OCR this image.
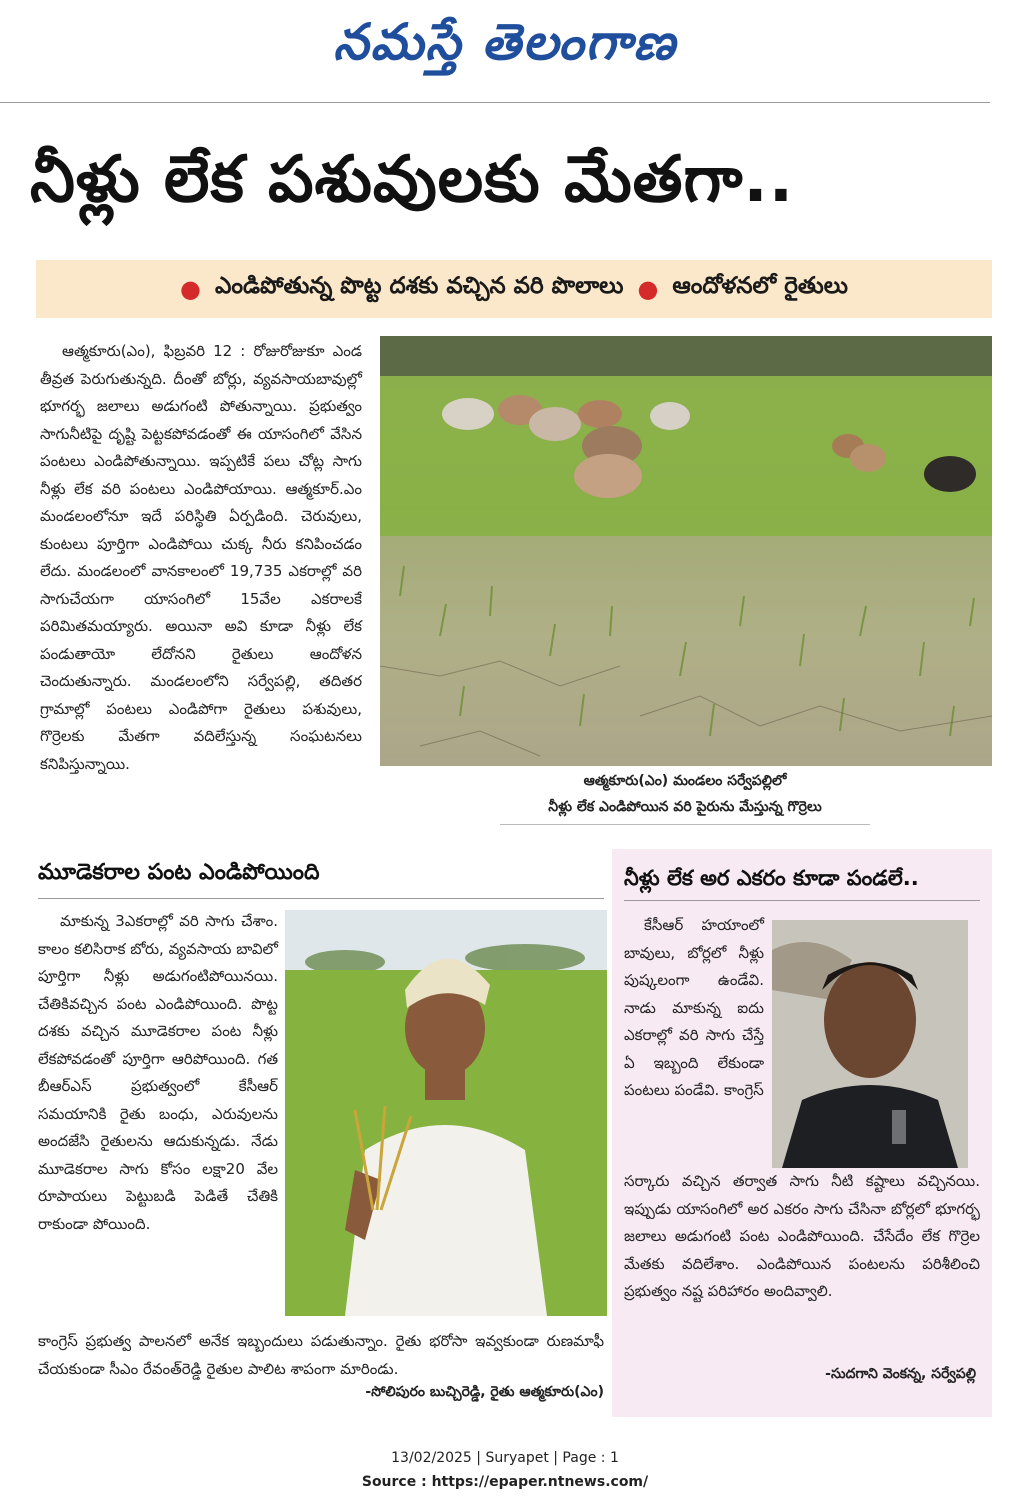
నమస్తే తెలంగాణ
నీళ్లు లేక పశువులకు మేతగా..
● ఎండిపోతున్న పొట్ట దశకు వచ్చిన వరి పొలాలు ● ఆందోళనలో రైతులు

ఆత్మకూరు(ఎం), ఫిబ్రవరి 12 : రోజురోజుకూ ఎండ తీవ్రత పెరుగుతున్నది. దీంతో బోర్లు, వ్యవసాయబావుల్లో భూగర్భ జలాలు అడుగంటి పోతున్నాయి. ప్రభుత్వం సాగునీటిపై దృష్టి పెట్టకపోవడంతో ఈ యాసంగిలో వేసిన పంటలు ఎండిపోతున్నాయి. ఇప్పటికే పలు చోట్ల సాగు నీళ్లు లేక వరి పంటలు ఎండిపోయాయి. ఆత్మకూర్.ఎం మండలంలోనూ ఇదే పరిస్థితి ఏర్పడింది. చెరువులు, కుంటలు పూర్తిగా ఎండిపోయి చుక్క నీరు కనిపించడం లేదు. మండలంలో వానకాలంలో 19,735 ఎకరాల్లో వరి సాగుచేయగా యాసంగిలో 15వేల ఎకరాలకే పరిమితమయ్యారు. అయినా అవి కూడా నీళ్లు లేక పండుతాయో లేదోనని రైతులు ఆందోళన చెందుతున్నారు. మండలంలోని సర్వేపల్లి, తదితర గ్రామాల్లో పంటలు ఎండిపోగా రైతులు పశువులు, గొర్రెలకు మేతగా వదిలేస్తున్న సంఘటనలు కనిపిస్తున్నాయి.

ఆత్మకూరు(ఎం) మండలం సర్వేపల్లిలో
నీళ్లు లేక ఎండిపోయిన వరి పైరును మేస్తున్న గొర్రెలు
మూడెకరాల పంట ఎండిపోయింది

మాకున్న 3ఎకరాల్లో వరి సాగు చేశాం. కాలం కలిసిరాక బోరు, వ్యవసాయ బావిలో పూర్తిగా నీళ్లు అడుగంటిపోయినయి. చేతికివచ్చిన పంట ఎండిపోయింది. పొట్ట దశకు వచ్చిన మూడెకరాల పంట నీళ్లు లేకపోవడంతో పూర్తిగా ఆరిపోయింది. గత బీఆర్‌ఎస్ ప్రభుత్వంలో కేసీఆర్ సమయానికి రైతు బంధు, ఎరువులను అందజేసి రైతులను ఆదుకున్నడు. నేడు మూడెకరాల సాగు కోసం లక్షా20 వేల రూపాయలు పెట్టుబడి పెడితే చేతికి రాకుండా పోయింది.

కాంగ్రెస్ ప్రభుత్వ పాలనలో అనేక ఇబ్బందులు పడుతున్నాం. రైతు భరోసా ఇవ్వకుండా రుణమాఫీ చేయకుండా సీఎం రేవంత్‌రెడ్డి రైతుల పాలిట శాపంగా మారిండు.

-సోలిపురం బుచ్చిరెడ్డి, రైతు ఆత్మకూరు(ఎం)
నీళ్లు లేక అర ఎకరం కూడా పండలే..

కేసీఆర్ హయాంలో బావులు, బోర్లలో నీళ్లు పుష్కలంగా ఉండేవి. నాడు మాకున్న ఐదు ఎకరాల్లో వరి సాగు చేస్తే ఏ ఇబ్బంది లేకుండా పంటలు పండేవి. కాంగ్రెస్

సర్కారు వచ్చిన తర్వాత సాగు నీటి కష్టాలు వచ్చినయి. ఇప్పుడు యాసంగిలో అర ఎకరం సాగు చేసినా బోర్లలో భూగర్భ జలాలు అడుగంటి పంట ఎండిపోయింది. చేసేదేం లేక గొర్రెల మేతకు వదిలేశాం. ఎండిపోయిన పంటలను పరిశీలించి ప్రభుత్వం నష్ట పరిహారం అందివ్వాలి.

-సుదగాని వెంకన్న, సర్వేపల్లి
13/02/2025 | Suryapet | Page : 1
Source : https://epaper.ntnews.com/
